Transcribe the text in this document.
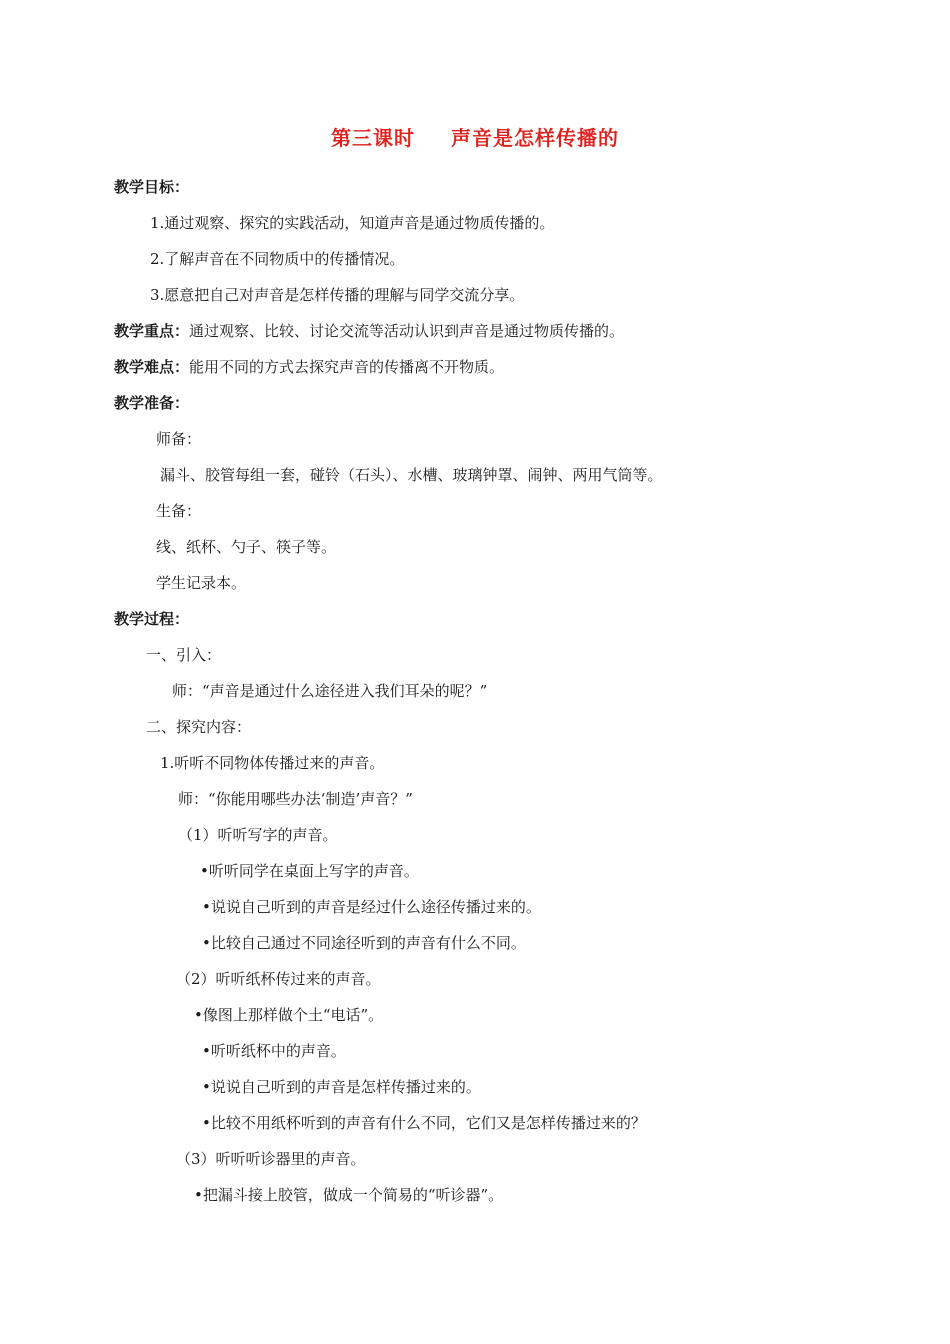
第三课时 声音是怎样传播的
教学目标：
1.通过观察、探究的实践活动，知道声音是通过物质传播的。
2.了解声音在不同物质中的传播情况。
3.愿意把自己对声音是怎样传播的理解与同学交流分享。
教学重点：通过观察、比较、讨论交流等活动认识到声音是通过物质传播的。
教学难点：能用不同的方式去探究声音的传播离不开物质。
教学准备：
师备：
漏斗、胶管每组一套，碰铃（石头）、水槽、玻璃钟罩、闹钟、两用气筒等。
生备：
线、纸杯、勺子、筷子等。
学生记录本。
教学过程：
一、引入：
师：“声音是通过什么途径进入我们耳朵的呢？”
二、探究内容：
1.听听不同物体传播过来的声音。
师：“你能用哪些办法‘制造’声音？”
（1）听听写字的声音。
•听听同学在桌面上写字的声音。
•说说自己听到的声音是经过什么途径传播过来的。
•比较自己通过不同途径听到的声音有什么不同。
（2）听听纸杯传过来的声音。
•像图上那样做个土“电话”。
•听听纸杯中的声音。
•说说自己听到的声音是怎样传播过来的。
•比较不用纸杯听到的声音有什么不同，它们又是怎样传播过来的？
（3）听听听诊器里的声音。
•把漏斗接上胶管，做成一个简易的“听诊器”。
